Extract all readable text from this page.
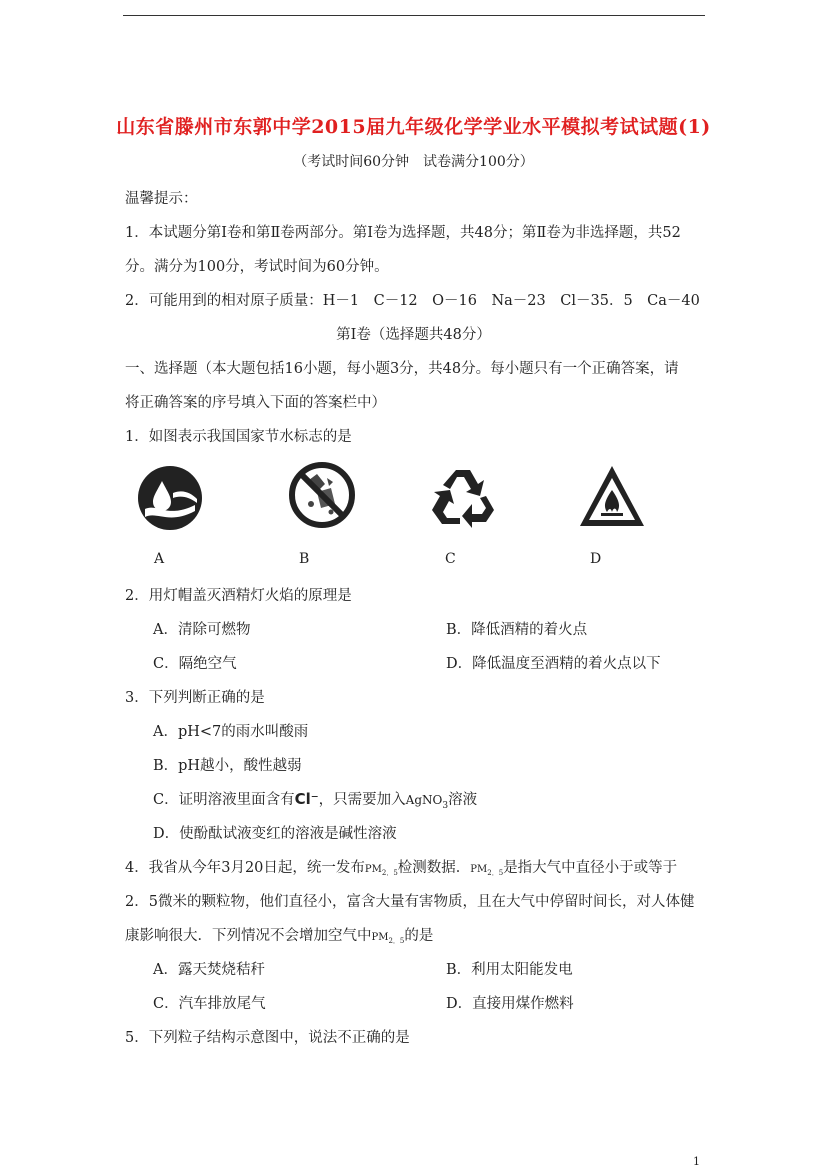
山东省滕州市东郭中学2015届九年级化学学业水平模拟考试试题(1)
（考试时间60分钟　试卷满分100分）
温馨提示：
1．本试题分第Ⅰ卷和第Ⅱ卷两部分。第Ⅰ卷为选择题，共48分；第Ⅱ卷为非选择题，共52
分。满分为100分，考试时间为60分钟。
2．可能用到的相对原子质量：H－1　C－12　O－16　Na－23　Cl－35．5　Ca－40
第Ⅰ卷（选择题共48分）
一、选择题（本大题包括16小题，每小题3分，共48分。每小题只有一个正确答案，请
将正确答案的序号填入下面的答案栏中）
1．如图表示我国国家节水标志的是
A	B	C	D
2．用灯帽盖灭酒精灯火焰的原理是
A．清除可燃物	B．降低酒精的着火点
C．隔绝空气	D．降低温度至酒精的着火点以下
3．下列判断正确的是
A．pH<7的雨水叫酸雨
B．pH越小，酸性越弱
C．证明溶液里面含有Cl⁻，只需要加入AgNO$_3$溶液
D．使酚酞试液变红的溶液是碱性溶液
4．我省从今年3月20日起，统一发布$PM_{2.5}$检测数据．$PM_{2.5}$是指大气中直径小于或等于
2．5微米的颗粒物，他们直径小，富含大量有害物质，且在大气中停留时间长，对人体健
康影响很大．下列情况不会增加空气中$PM_{2.5}$的是
A．露天焚烧秸秆	B．利用太阳能发电
C．汽车排放尾气	D．直接用煤作燃料
5．下列粒子结构示意图中，说法不正确的是
1
